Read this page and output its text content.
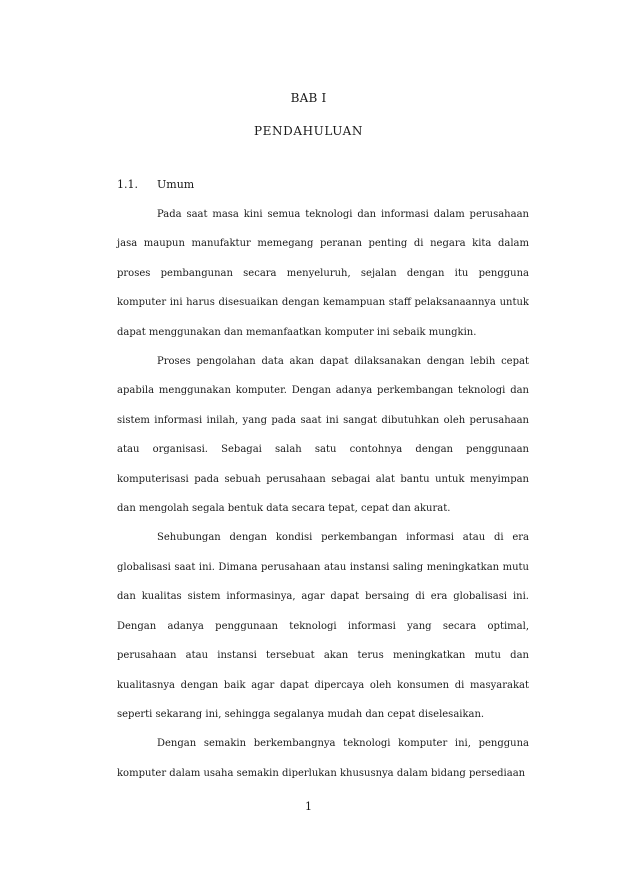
BAB I
PENDAHULUAN
1.1. Umum

Pada saat masa kini semua teknologi dan informasi dalam perusahaan jasa maupun manufaktur memegang peranan penting di negara kita dalam proses pembangunan secara menyeluruh, sejalan dengan itu pengguna komputer ini harus disesuaikan dengan kemampuan staff pelaksanaannya untuk dapat menggunakan dan memanfaatkan komputer ini sebaik mungkin.

Proses pengolahan data akan dapat dilaksanakan dengan lebih cepat apabila menggunakan komputer. Dengan adanya perkembangan teknologi dan sistem informasi inilah, yang pada saat ini sangat dibutuhkan oleh perusahaan atau organisasi. Sebagai salah satu contohnya dengan penggunaan komputerisasi pada sebuah perusahaan sebagai alat bantu untuk menyimpan dan mengolah segala bentuk data secara tepat, cepat dan akurat.

Sehubungan dengan kondisi perkembangan informasi atau di era globalisasi saat ini. Dimana perusahaan atau instansi saling meningkatkan mutu dan kualitas sistem informasinya, agar dapat bersaing di era globalisasi ini. Dengan adanya penggunaan teknologi informasi yang secara optimal, perusahaan atau instansi tersebuat akan terus meningkatkan mutu dan kualitasnya dengan baik agar dapat dipercaya oleh konsumen di masyarakat seperti sekarang ini, sehingga segalanya mudah dan cepat diselesaikan.

Dengan semakin berkembangnya teknologi komputer ini, pengguna komputer dalam usaha semakin diperlukan khususnya dalam bidang persediaan

1
